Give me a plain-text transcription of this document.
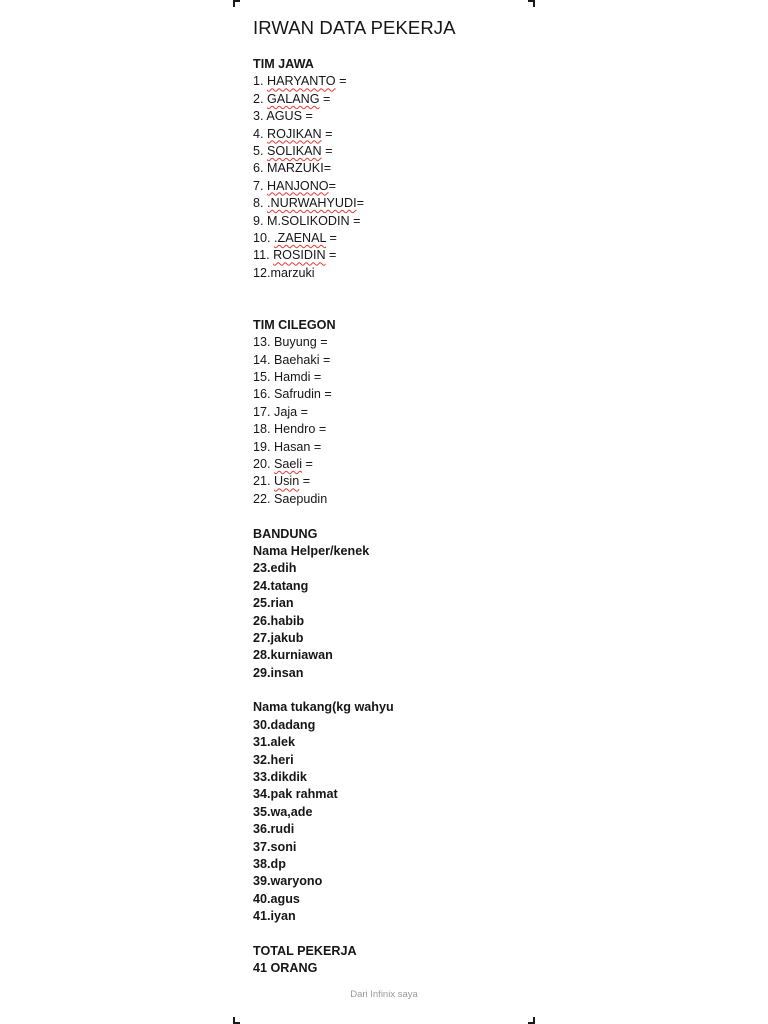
IRWAN DATA PEKERJA
TIM JAWA
1. HARYANTO =
2. GALANG =
3. AGUS =
4. ROJIKAN =
5. SOLIKAN =
6. MARZUKI=
7. HANJONO=
8. .NURWAHYUDI=
9. M.SOLIKODIN =
10. .ZAENAL =
11. ROSIDIN =
12.marzuki
TIM CILEGON
13. Buyung =
14. Baehaki =
15. Hamdi =
16. Safrudin =
17. Jaja =
18. Hendro =
19. Hasan =
20. Saeli =
21. Usin =
22. Saepudin
BANDUNG
Nama Helper/kenek
23.edih
24.tatang
25.rian
26.habib
27.jakub
28.kurniawan
29.insan
Nama tukang(kg wahyu
30.dadang
31.alek
32.heri
33.dikdik
34.pak rahmat
35.wa,ade
36.rudi
37.soni
38.dp
39.waryono
40.agus
41.iyan
TOTAL PEKERJA
41 ORANG
Dari Infinix saya
